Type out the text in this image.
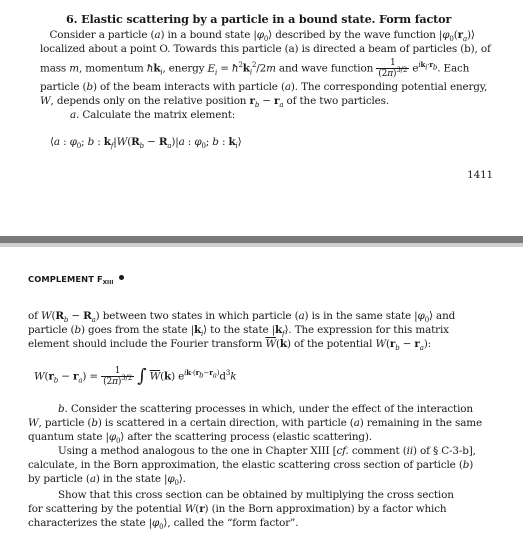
6. Elastic scattering by a particle in a bound state. Form factor
Consider a particle (a) in a bound state $|\varphi_0⟩$ described by the wave function $|\varphi_0(r_a)⟩$
localized about a point O. Towards this particle (a) is directed a beam of particles (b), of
mass m, momentum $ħk_i$, energy $E_i$ = $ħ^2k_i^2/2m$ and wave function $\frac{1}{(2\pi)^{3/2}} e^{ik_i\cdot r_b}$. Each
particle (b) of the beam interacts with particle (a). The corresponding potential energy,
W, depends only on the relative position $r_b - r_a$ of the two particles.
a. Calculate the matrix element:
⟨a : $\varphi_0$; b : $k_f|W(R_b - R_a)|a$ : $\varphi_0$; b : $k_i⟩$
1411
COMPLEMENT $F_{XIII}$
of $W(R_b - R_a)$ between two states in which particle (a) is in the same state $|\varphi_0⟩$ and
particle (b) goes from the state $|k_i⟩$ to the state $|k_f⟩$. The expression for this matrix
element should include the Fourier transform $\overline{W}(k)$ of the potential $W(r_b - r_a)$:
$W(r_b - r_a) = \frac{1}{(2\pi)^{3/2}}$ ∫ $\overline{W}(k)$ $e^{ik\cdot(r_b-r_a)}d^3k$
b. Consider the scattering processes in which, under the effect of the interaction
W, particle (b) is scattered in a certain direction, with particle (a) remaining in the same
quantum state $|\varphi_0⟩$ after the scattering process (elastic scattering).
Using a method analogous to the one in Chapter XIII [cf. comment (ii) of § C-3-b],
calculate, in the Born approximation, the elastic scattering cross section of particle (b)
by particle (a) in the state $|\varphi_0⟩$.
Show that this cross section can be obtained by multiplying the cross section
for scattering by the potential W(r) (in the Born approximation) by a factor which
characterizes the state $|\varphi_0⟩$, called the “form factor”.
